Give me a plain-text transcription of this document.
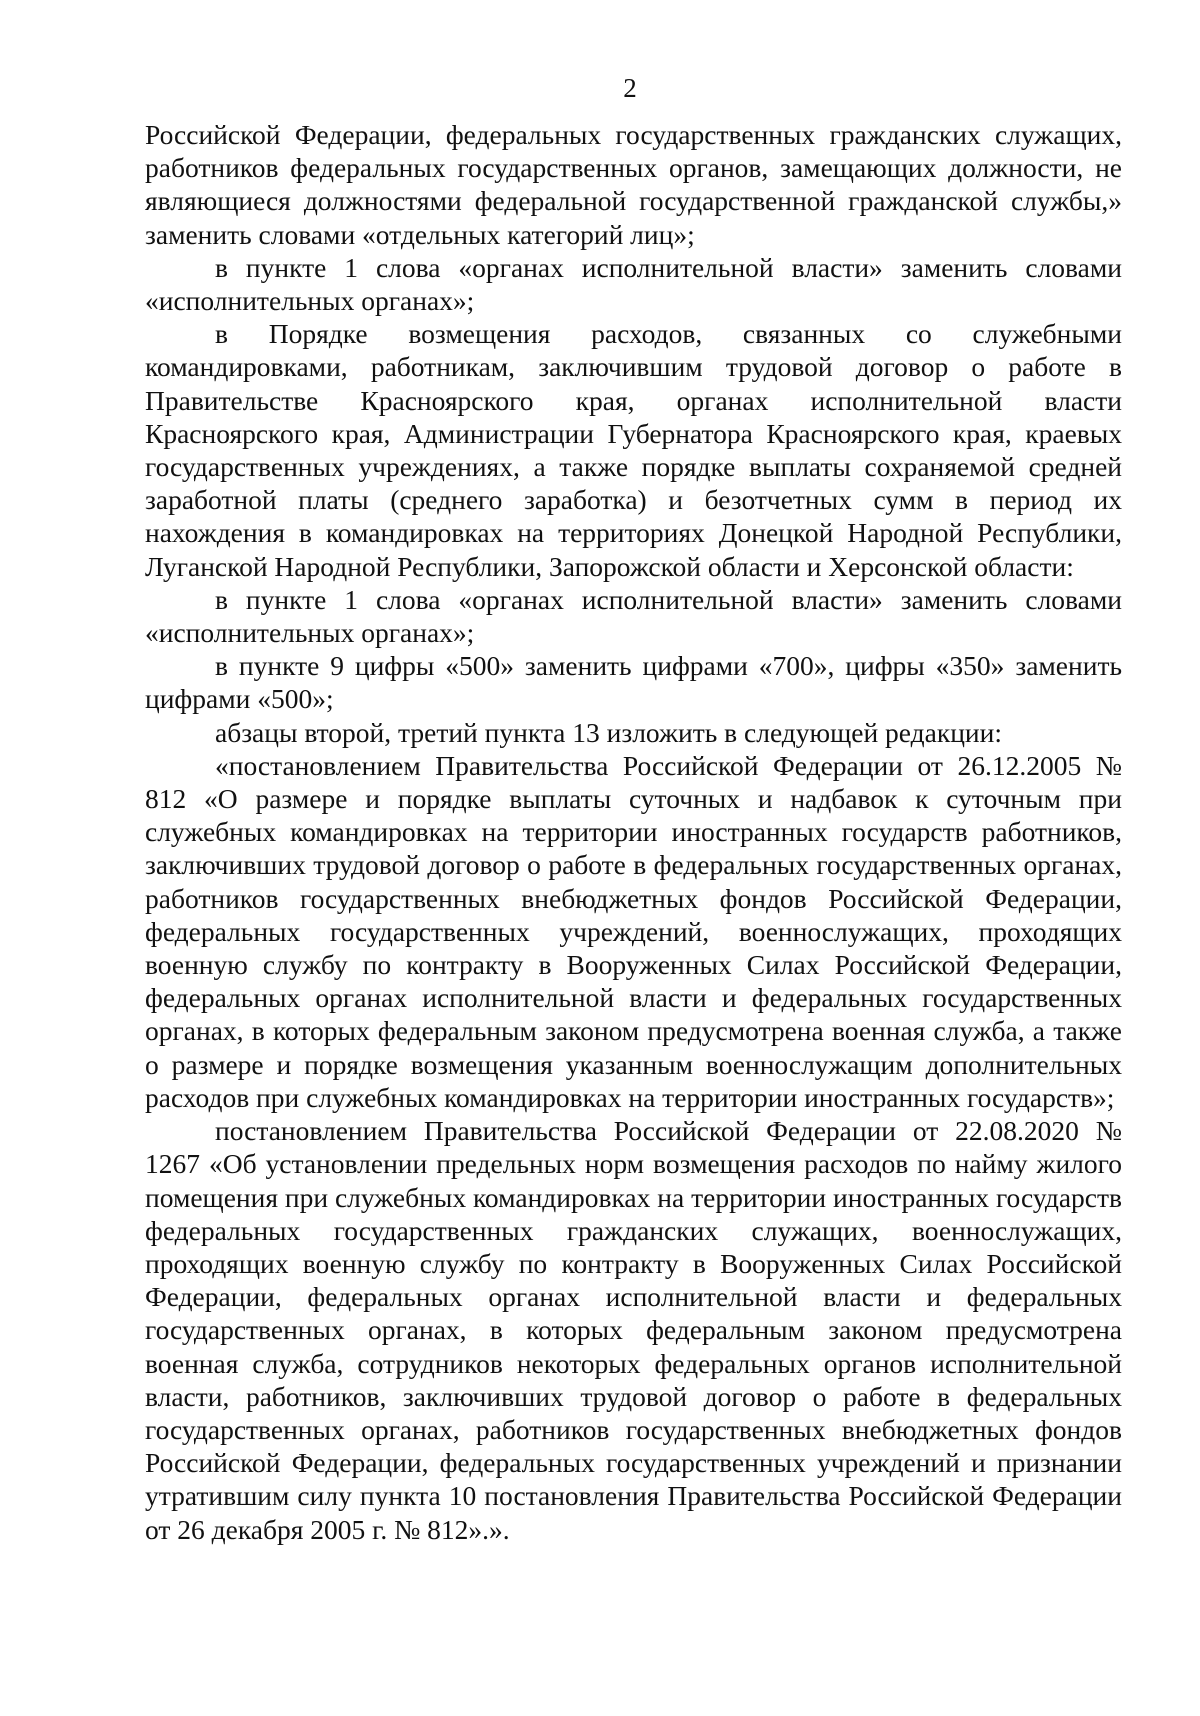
2

Российской Федерации, федеральных государственных гражданских служащих, работников федеральных государственных органов, замещающих должности, не являющиеся должностями федеральной государственной гражданской службы,» заменить словами «отдельных категорий лиц»;

в пункте 1 слова «органах исполнительной власти» заменить словами «исполнительных органах»;

в Порядке возмещения расходов, связанных со служебными командировками, работникам, заключившим трудовой договор о работе в Правительстве Красноярского края, органах исполнительной власти Красноярского края, Администрации Губернатора Красноярского края, краевых государственных учреждениях, а также порядке выплаты сохраняемой средней заработной платы (среднего заработка) и безотчетных сумм в период их нахождения в командировках на территориях Донецкой Народной Республики, Луганской Народной Республики, Запорожской области и Херсонской области:

в пункте 1 слова «органах исполнительной власти» заменить словами «исполнительных органах»;

в пункте 9 цифры «500» заменить цифрами «700», цифры «350» заменить цифрами «500»;

абзацы второй, третий пункта 13 изложить в следующей редакции:

«постановлением Правительства Российской Федерации от 26.12.2005 № 812 «О размере и порядке выплаты суточных и надбавок к суточным при служебных командировках на территории иностранных государств работников, заключивших трудовой договор о работе в федеральных государственных органах, работников государственных внебюджетных фондов Российской Федерации, федеральных государственных учреждений, военнослужащих, проходящих военную службу по контракту в Вооруженных Силах Российской Федерации, федеральных органах исполнительной власти и федеральных государственных органах, в которых федеральным законом предусмотрена военная служба, а также о размере и порядке возмещения указанным военнослужащим дополнительных расходов при служебных командировках на территории иностранных государств»;

постановлением Правительства Российской Федерации от 22.08.2020 № 1267 «Об установлении предельных норм возмещения расходов по найму жилого помещения при служебных командировках на территории иностранных государств федеральных государственных гражданских служащих, военнослужащих, проходящих военную службу по контракту в Вооруженных Силах Российской Федерации, федеральных органах исполнительной власти и федеральных государственных органах, в которых федеральным законом предусмотрена военная служба, сотрудников некоторых федеральных органов исполнительной власти, работников, заключивших трудовой договор о работе в федеральных государственных органах, работников государственных внебюджетных фондов Российской Федерации, федеральных государственных учреждений и признании утратившим силу пункта 10 постановления Правительства Российской Федерации от 26 декабря 2005 г. № 812».».
